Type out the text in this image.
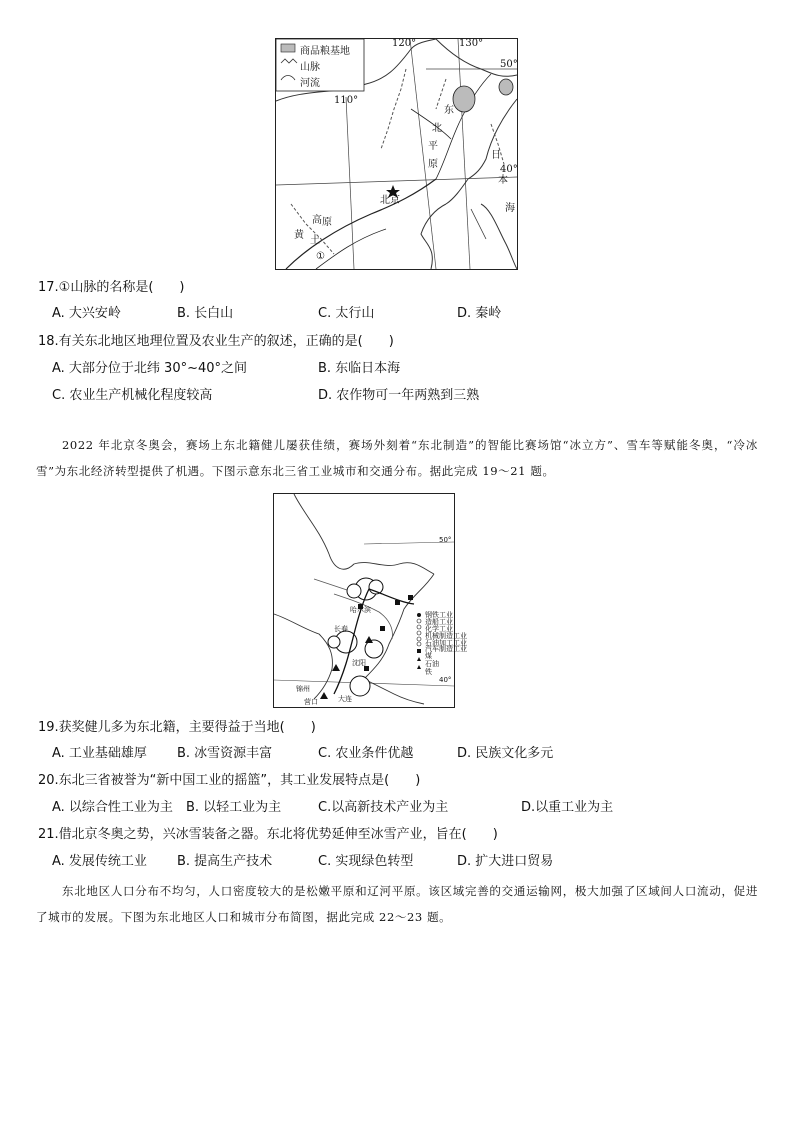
商品粮基地
山脉
河流
120°	130°
110°
50°
40°
东
北
平
原
日
本
海
北京
黄 土
高 原
①
17.①山脉的名称是(　　)
A. 大兴安岭	B. 长白山	C. 太行山	D. 秦岭
18.有关东北地区地理位置及农业生产的叙述，正确的是(　　)
A. 大部分位于北纬 30°~40°之间	B. 东临日本海
C. 农业生产机械化程度较高	D. 农作物可一年两熟到三熟
2022 年北京冬奥会，赛场上东北籍健儿屡获佳绩，赛场外刻着“东北制造”的智能比赛场馆“冰立方”、雪车等赋能冬奥，“冷冰雪”为东北经济转型提供了机遇。下图示意东北三省工业城市和交通分布。据此完成 19～21 题。
50°
40°
哈尔滨
长春
沈阳
大连
锦州
营口
钢铁工业
造船工业
化学工业
机械制造工业
石油加工工业
汽车制造工业
煤
石油
铁
19.获奖健儿多为东北籍，主要得益于当地(　　)
A. 工业基础雄厚 B. 冰雪资源丰富	C. 农业条件优越	D. 民族文化多元
20.东北三省被誉为“新中国工业的摇篮”，其工业发展特点是(　　)
A. 以综合性工业为主 B. 以轻工业为主	C.以高新技术产业为主	D.以重工业为主
21.借北京冬奥之势，兴冰雪装备之器。东北将优势延伸至冰雪产业，旨在(　　)
A. 发展传统工业 B. 提高生产技术	C. 实现绿色转型	D. 扩大进口贸易
东北地区人口分布不均匀，人口密度较大的是松嫩平原和辽河平原。该区域完善的交通运输网，极大加强了区域间人口流动，促进了城市的发展。下图为东北地区人口和城市分布简图，据此完成 22～23 题。
